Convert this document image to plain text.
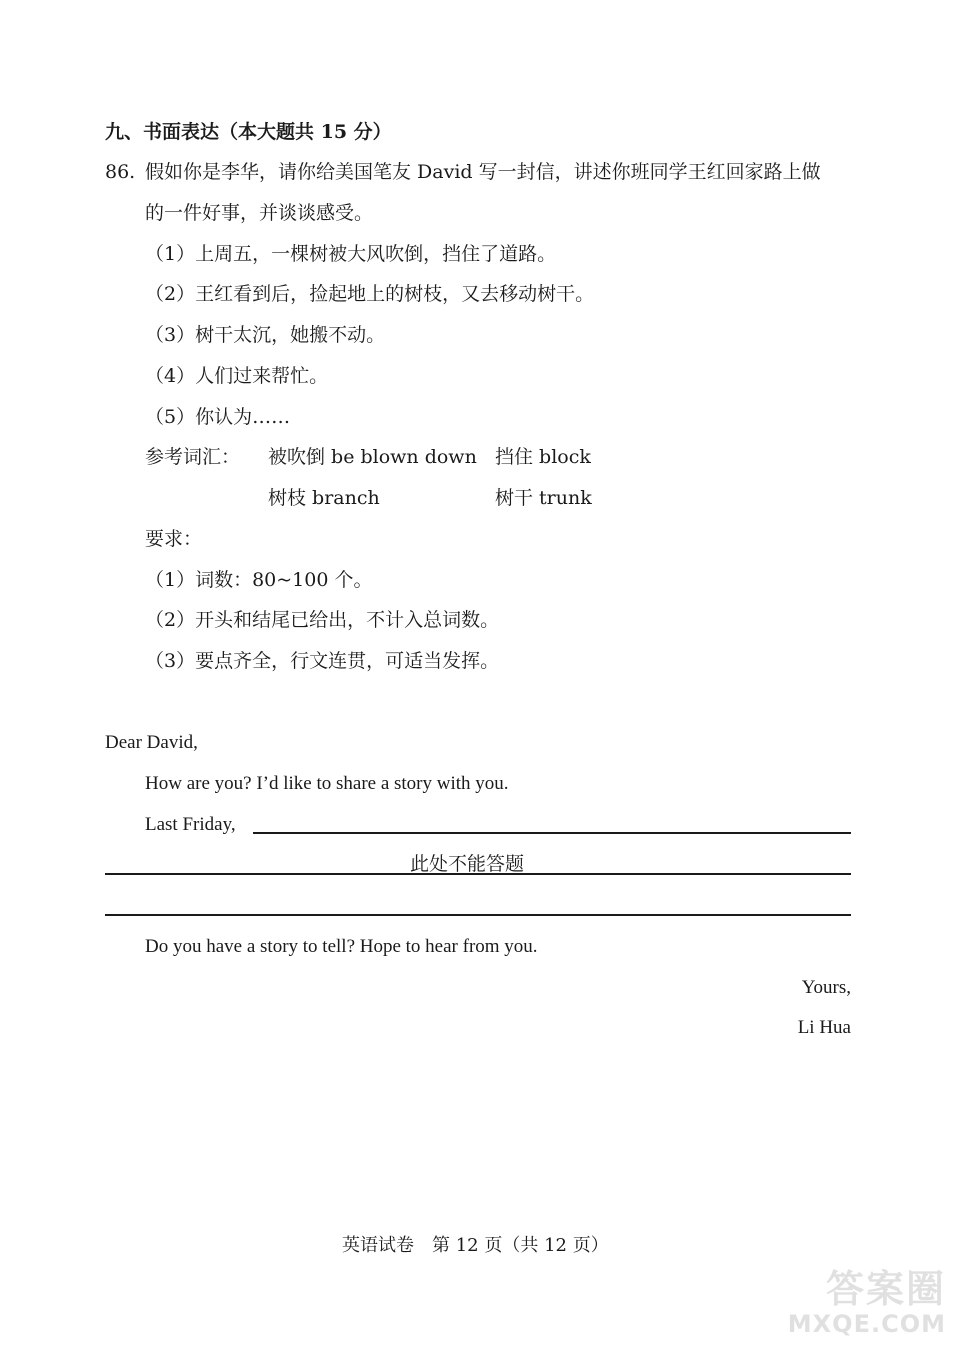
九、书面表达（本大题共 15 分）
86. 假如你是李华，请你给美国笔友 David 写一封信，讲述你班同学王红回家路上做
的一件好事，并谈谈感受。
（1）上周五，一棵树被大风吹倒，挡住了道路。
（2）王红看到后，捡起地上的树枝，又去移动树干。
（3）树干太沉，她搬不动。
（4）人们过来帮忙。
（5）你认为……
参考词汇： 被吹倒 be blown down 挡住 block
树枝 branch	树干 trunk
要求：
（1）词数：80~100 个。
（2）开头和结尾已给出，不计入总词数。
（3）要点齐全，行文连贯，可适当发挥。
Dear David,
How are you? I’d like to share a story with you.
Last Friday,
此处不能答题
Do you have a story to tell? Hope to hear from you.
Yours,
Li Hua
英语试卷　第 12 页（共 12 页）
答案圈
MXQE.COM
